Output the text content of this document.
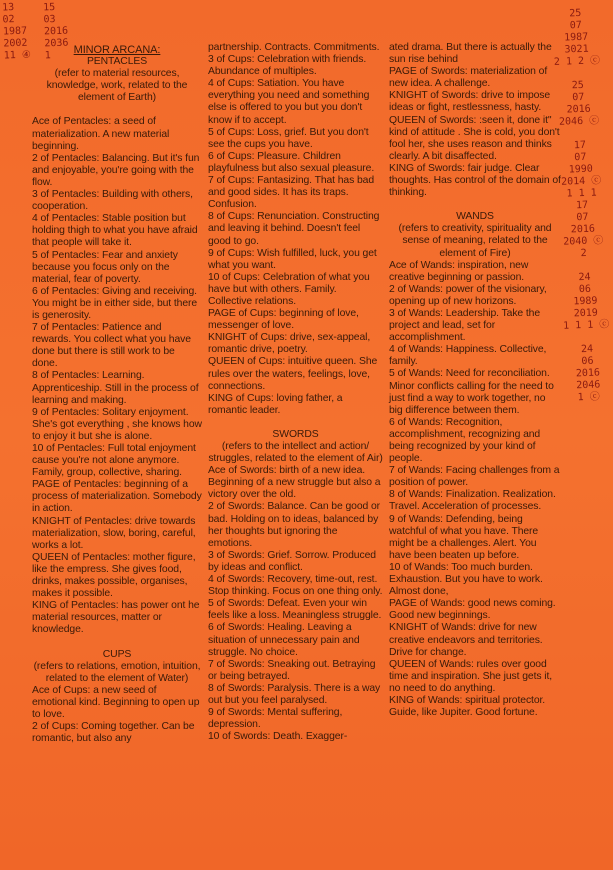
13
02
1987
2002
11 ④
15
03
2016
2036
1
25
07
1987
3021
2 1 2 ⓒ

25
07
2016
2046 ⓒ

17
07
1990
2014 ⓒ
1 1 1
17
07
2016
2040 ⓒ
2

24
06
1989
2019
1 1 1 ⓒ

24
06
2016
2046
1 ⓒ

MINOR ARCANA:

PENTACLES

(refer to material resources, knowledge, work, related to the element of Earth)

Ace of Pentacles: a seed of materialization. A new material beginning.

2 of Pentacles: Balancing. But it's fun and enjoyable, you're going with the flow.

3 of Pentacles: Building with others, cooperation.

4 of Pentacles: Stable position but holding thigh to what you have afraid that people will take it.

5 of Pentacles: Fear and anxiety because you focus only on the material, fear of poverty.

6 of Pentacles: Giving and receiving. You might be in either side, but there is generosity.

7 of Pentacles: Patience and rewards. You collect what you have done but there is still work to be done.

8 of Pentacles: Learning. Apprenticeship. Still in the process of learning and making.

9 of Pentacles: Solitary enjoyment. She's got everything , she knows how to enjoy it but she is alone.

10 of Pentacles: Full total enjoyment cause you're not alone anymore. Family, group, collective, sharing.

PAGE of Pentacles: beginning of a process of materialization. Somebody in action.

KNIGHT of Pentacles: drive towards materialization, slow, boring, careful, works a lot.

QUEEN of Pentacles: mother figure, like the empress. She gives food, drinks, makes possible, organises, makes it possible.

KING of Pentacles: has power ont he material resources, matter or knowledge.

CUPS

(refers to relations, emotion, intuition, related to the element of Water)

Ace of Cups: a new seed of emotional kind. Beginning to open up to love.

2 of Cups: Coming together. Can be romantic, but also any

partnership. Contracts. Commitments.

3 of Cups: Celebration with friends. Abundance of multiples.

4 of Cups: Satiation. You have everything you need and something else is offered to you but you don't know if to accept.

5 of Cups: Loss, grief. But you don't see the cups you have.

6 of Cups: Pleasure. Children playfulness but also sexual pleasure.

7 of Cups: Fantasizing. That has bad and good sides. It has its traps. Confusion.

8 of Cups: Renunciation. Constructing and leaving it behind. Doesn't feel good to go.

9 of Cups: Wish fulfilled, luck, you get what you want.

10 of Cups: Celebration of what you have but with others. Family. Collective relations.

PAGE of Cups: beginning of love, messenger of love.

KNIGHT of Cups: drive, sex-appeal, romantic drive, poetry.

QUEEN of Cups: intuitive queen. She rules over the waters, feelings, love, connections.

KING of Cups: loving father, a romantic leader.

SWORDS

(refers to the intellect and action/ struggles, related to the element of Air)

Ace of Swords: birth of a new idea. Beginning of a new struggle but also a victory over the old.

2 of Swords: Balance. Can be good or bad. Holding on to ideas, balanced by her thoughts but ignoring the emotions.

3 of Swords: Grief. Sorrow. Produced by ideas and conflict.

4 of Swords: Recovery, time-out, rest. Stop thinking. Focus on one thing only.

5 of Swords: Defeat. Even your win feels like a loss. Meaningless struggle.

6 of Swords: Healing. Leaving a situation of unnecessary pain and struggle. No choice.

7 of Swords: Sneaking out. Betraying or being betrayed.

8 of Swords: Paralysis. There is a way out but you feel paralysed.

9 of Swords: Mental suffering, depression.

10 of Swords: Death. Exagger-

ated drama. But there is actually the sun rise behind

PAGE of Swords: materialization of new idea. A challenge.

KNIGHT of Swords: drive to impose ideas or fight, restlessness, hasty.

QUEEN of Swords: :seen it, done it" kind of attitude . She is cold, you don't fool her, she uses reason and thinks clearly. A bit disaffected.

KING of Swords: fair judge. Clear thoughts. Has control of the domain of thinking.

WANDS

(refers to creativity, spirituality and sense of meaning, related to the element of Fire)

Ace of Wands: inspiration, new creative beginning or passion.

2 of Wands: power of the visionary, opening up of new horizons.

3 of Wands: Leadership. Take the project and lead, set for accomplishment.

4 of Wands: Happiness. Collective, family.

5 of Wands: Need for reconciliation. Minor conflicts calling for the need to just find a way to work together, no big difference between them.

6 of Wands: Recognition, accomplishment, recognizing and being recognized by your kind of people.

7 of Wands: Facing challenges from a position of power.

8 of Wands: Finalization. Realization. Travel. Acceleration of processes.

9 of Wands: Defending, being watchful of what you have. There might be a challenges. Alert. You have been beaten up before.

10 of Wands: Too much burden. Exhaustion. But you have to work. Almost done,

PAGE of Wands: good news coming. Good new beginnings.

KNIGHT of Wands: drive for new creative endeavors and territories. Drive for change.

QUEEN of Wands: rules over good time and inspiration. She just gets it, no need to do anything.

KING of Wands: spiritual protector. Guide, like Jupiter. Good fortune.
